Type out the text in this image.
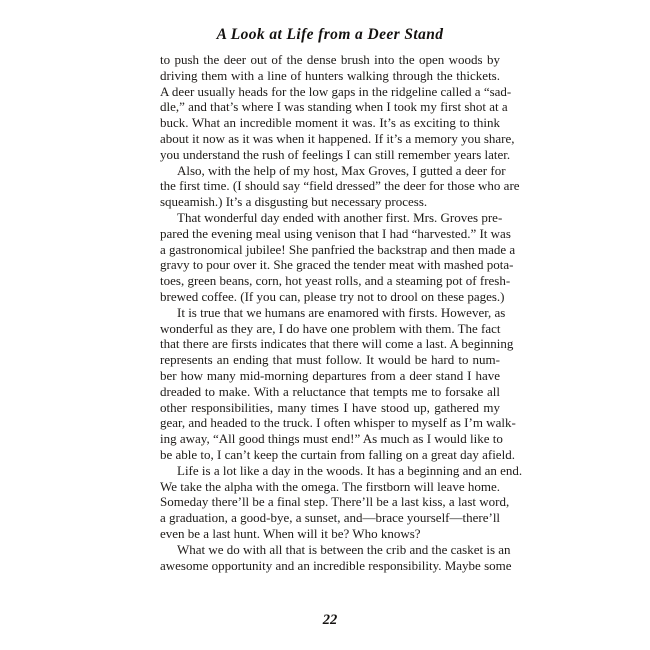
A Look at Life from a Deer Stand
to push the deer out of the dense brush into the open woods by
driving them with a line of hunters walking through the thickets.
A deer usually heads for the low gaps in the ridgeline called a “sad-
dle,” and that’s where I was standing when I took my first shot at a
buck. What an incredible moment it was. It’s as exciting to think
about it now as it was when it happened. If it’s a memory you share,
you understand the rush of feelings I can still remember years later.
Also, with the help of my host, Max Groves, I gutted a deer for
the first time. (I should say “field dressed” the deer for those who are
squeamish.) It’s a disgusting but necessary process.
That wonderful day ended with another first. Mrs. Groves pre-
pared the evening meal using venison that I had “harvested.” It was
a gastronomical jubilee! She panfried the backstrap and then made a
gravy to pour over it. She graced the tender meat with mashed pota-
toes, green beans, corn, hot yeast rolls, and a steaming pot of fresh-
brewed coffee. (If you can, please try not to drool on these pages.)
It is true that we humans are enamored with firsts. However, as
wonderful as they are, I do have one problem with them. The fact
that there are firsts indicates that there will come a last. A beginning
represents an ending that must follow. It would be hard to num-
ber how many mid-morning departures from a deer stand I have
dreaded to make. With a reluctance that tempts me to forsake all
other responsibilities, many times I have stood up, gathered my
gear, and headed to the truck. I often whisper to myself as I’m walk-
ing away, “All good things must end!” As much as I would like to
be able to, I can’t keep the curtain from falling on a great day afield.
Life is a lot like a day in the woods. It has a beginning and an end.
We take the alpha with the omega. The firstborn will leave home.
Someday there’ll be a final step. There’ll be a last kiss, a last word,
a graduation, a good-bye, a sunset, and—brace yourself—there’ll
even be a last hunt. When will it be? Who knows?
What we do with all that is between the crib and the casket is an
awesome opportunity and an incredible responsibility. Maybe some
22
